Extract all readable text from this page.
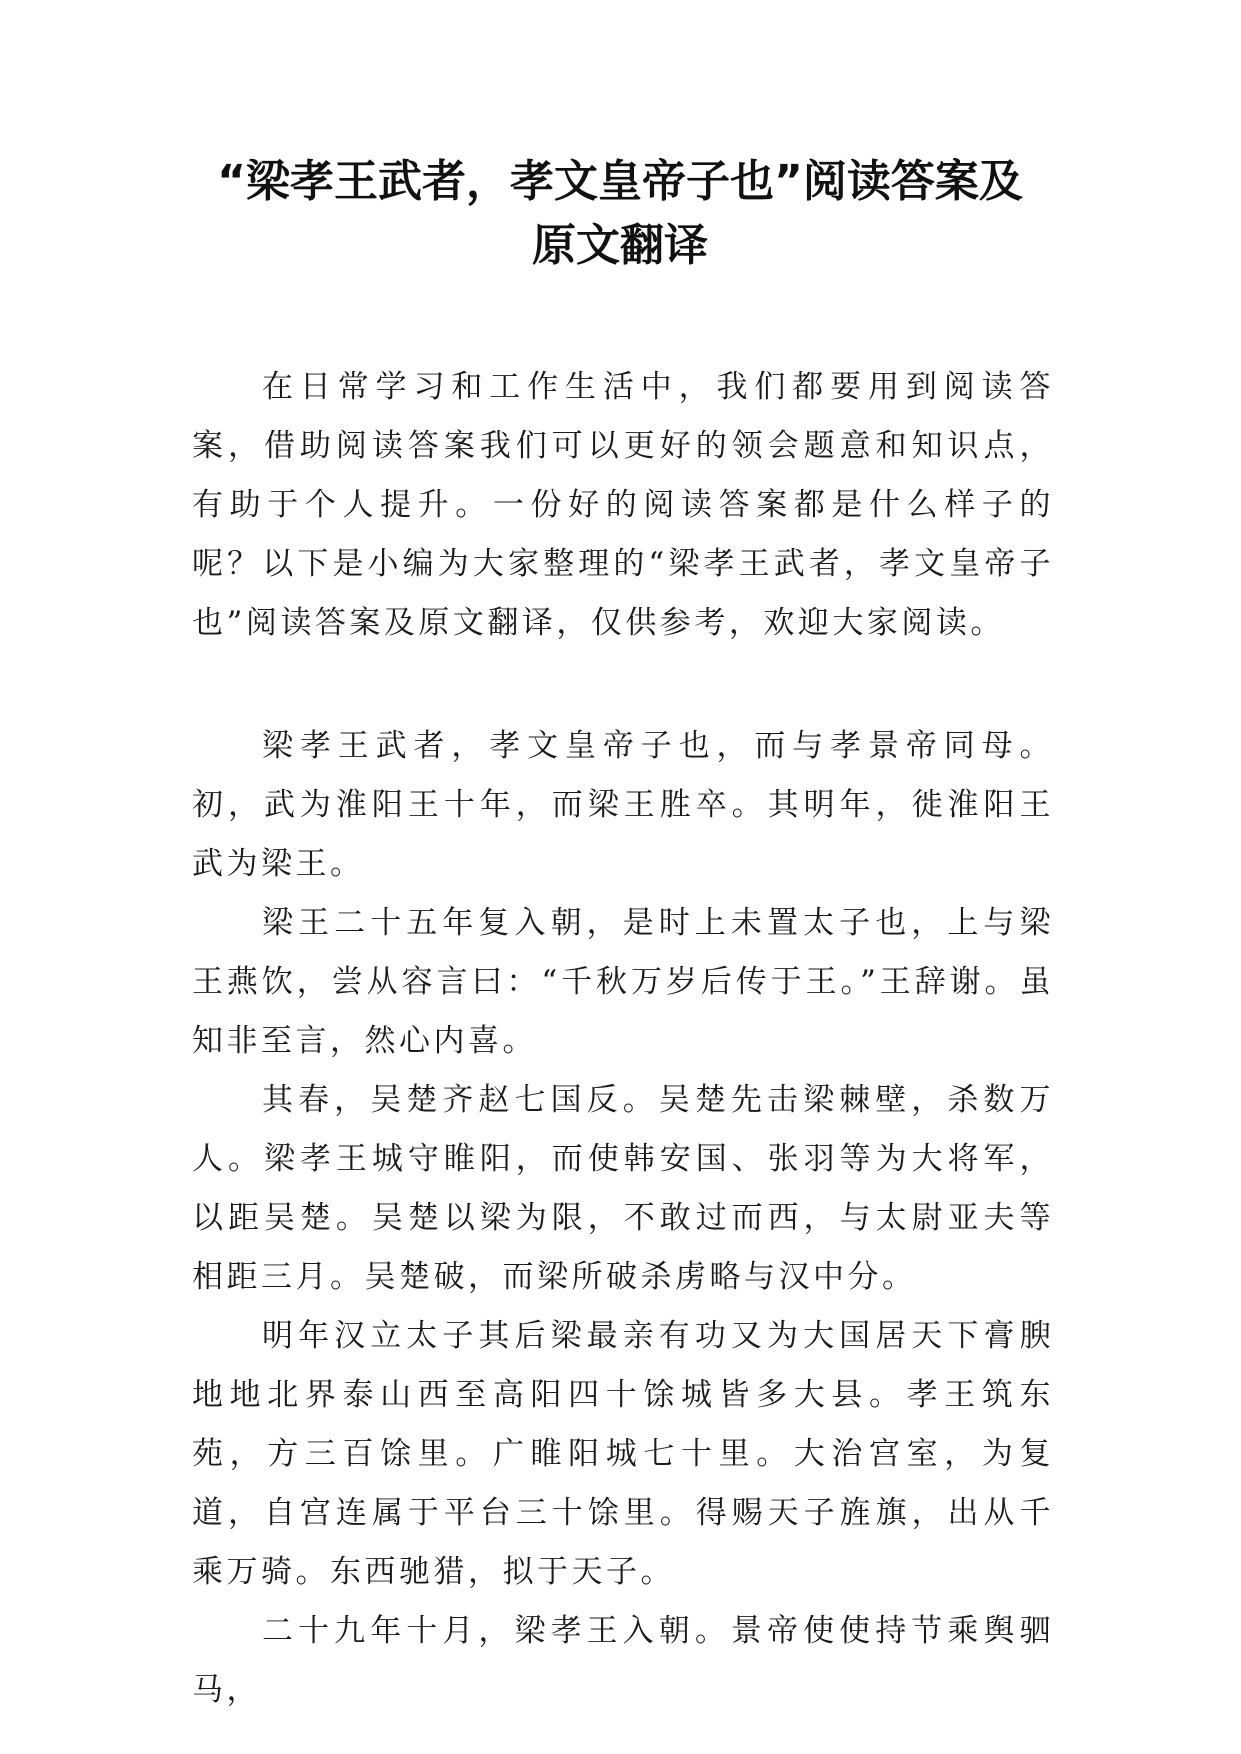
“梁孝王武者，孝文皇帝子也”阅读答案及
原文翻译

在日常学习和工作生活中，我们都要用到阅读答案，借助阅读答案我们可以更好的领会题意和知识点，有助于个人提升。一份好的阅读答案都是什么样子的呢？以下是小编为大家整理的“梁孝王武者，孝文皇帝子也”阅读答案及原文翻译，仅供参考，欢迎大家阅读。

梁孝王武者，孝文皇帝子也，而与孝景帝同母。初，武为淮阳王十年，而梁王胜卒。其明年，徙淮阳王武为梁王。

梁王二十五年复入朝，是时上未置太子也，上与梁王燕饮，尝从容言曰：“千秋万岁后传于王。”王辞谢。虽知非至言，然心内喜。

其春，吴楚齐赵七国反。吴楚先击梁棘壁，杀数万人。梁孝王城守睢阳，而使韩安国、张羽等为大将军，以距吴楚。吴楚以梁为限，不敢过而西，与太尉亚夫等相距三月。吴楚破，而梁所破杀虏略与汉中分。

明年汉立太子其后梁最亲有功又为大国居天下膏腴地地北界泰山西至高阳四十馀城皆多大县。孝王筑东苑，方三百馀里。广睢阳城七十里。大治宫室，为复道，自宫连属于平台三十馀里。得赐天子旌旗，出从千乘万骑。东西驰猎，拟于天子。

二十九年十月，梁孝王入朝。景帝使使持节乘舆驷马，
